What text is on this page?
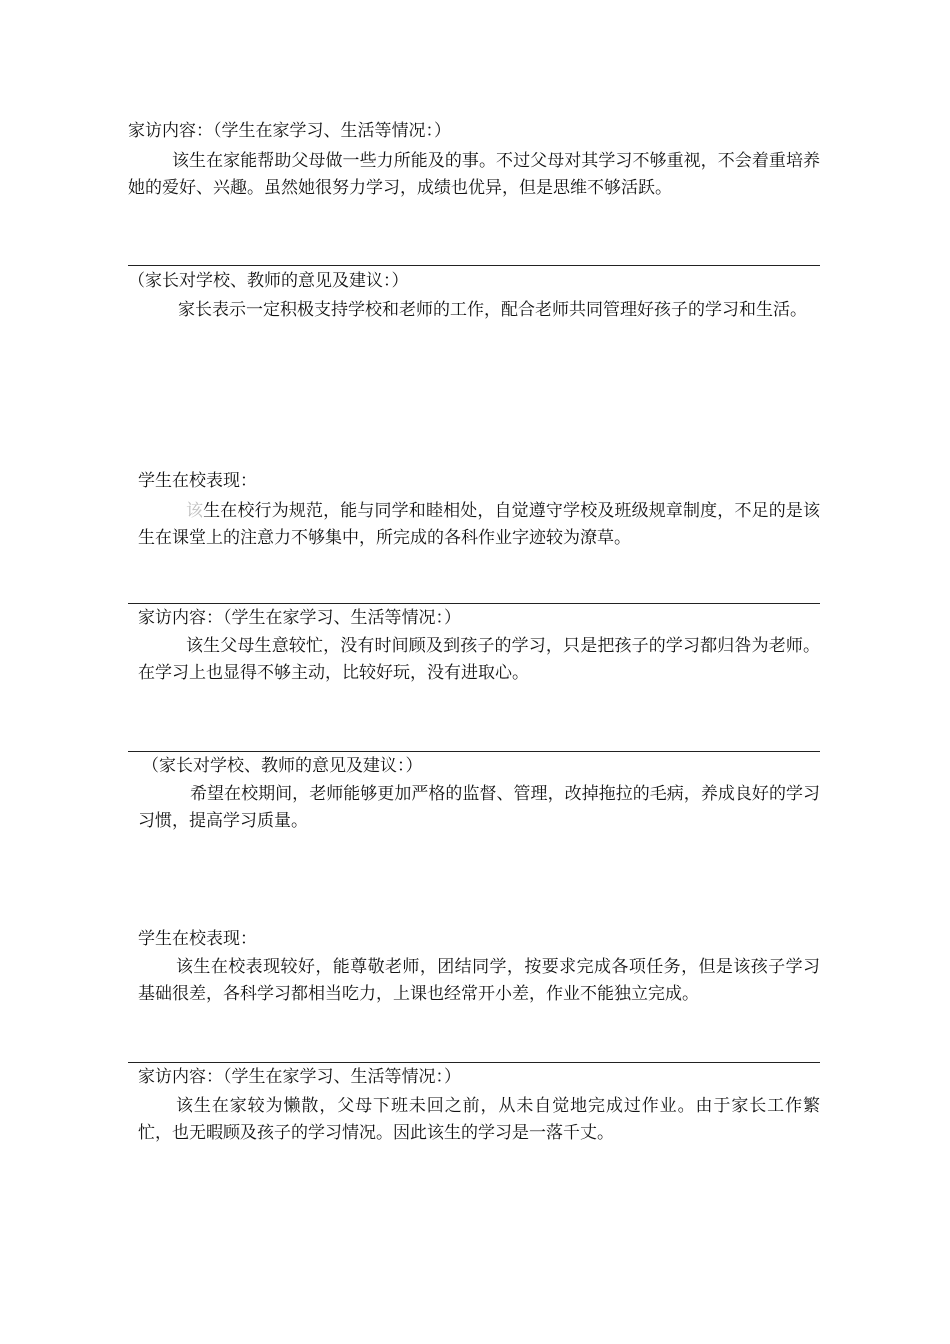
家访内容：（学生在家学习、生活等情况：）
该生在家能帮助父母做一些力所能及的事。不过父母对其学习不够重视，不会着重培养她的爱好、兴趣。虽然她很努力学习，成绩也优异，但是思维不够活跃。
（家长对学校、教师的意见及建议：）
家长表示一定积极支持学校和老师的工作，配合老师共同管理好孩子的学习和生活。
学生在校表现：
该生在校行为规范，能与同学和睦相处，自觉遵守学校及班级规章制度，不足的是该生在课堂上的注意力不够集中，所完成的各科作业字迹较为潦草。
家访内容：（学生在家学习、生活等情况：）
该生父母生意较忙，没有时间顾及到孩子的学习，只是把孩子的学习都归咎为老师。在学习上也显得不够主动，比较好玩，没有进取心。
（家长对学校、教师的意见及建议：）
希望在校期间，老师能够更加严格的监督、管理，改掉拖拉的毛病，养成良好的学习习惯，提高学习质量。
学生在校表现：
该生在校表现较好，能尊敬老师，团结同学，按要求完成各项任务，但是该孩子学习基础很差，各科学习都相当吃力，上课也经常开小差，作业不能独立完成。
家访内容：（学生在家学习、生活等情况：）
该生在家较为懒散，父母下班未回之前，从未自觉地完成过作业。由于家长工作繁忙，也无暇顾及孩子的学习情况。因此该生的学习是一落千丈。
